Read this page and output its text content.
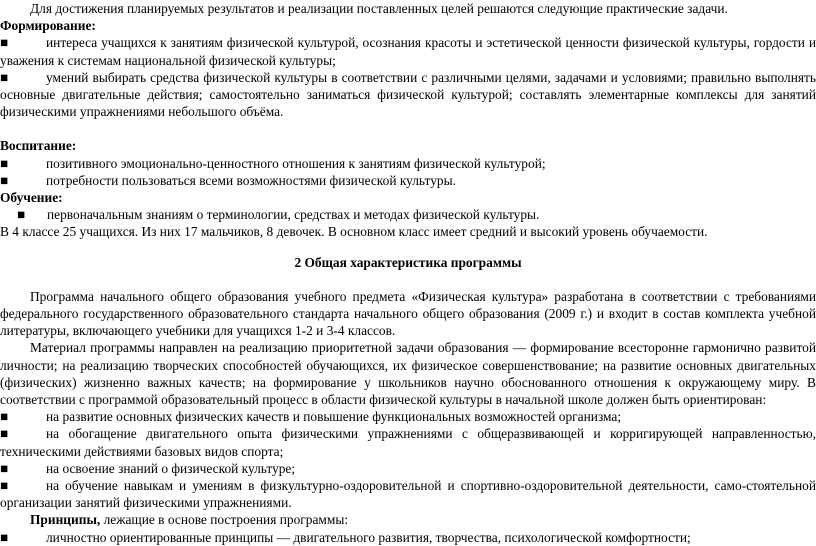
Для достижения планируемых результатов и реализации поставленных целей решаются следующие практические задачи.

Формирование:

■	интереса учащихся к занятиям физической культурой, осознания красоты и эстетической ценности физической культуры, гордости и уважения к системам национальной физической культуры;

■	умений выбирать средства физической культуры в соответствии с различными целями, задачами и условиями; правильно выполнять основные двигательные действия; самостоятельно заниматься физической культурой; составлять элементарные комплексы для занятий физическими упражнениями небольшого объёма.

Воспитание:

■	позитивного эмоционально-ценностного отношения к занятиям физической культурой;

■	потребности пользоваться всеми возможностями физической культуры.

Обучение:

■ первоначальным знаниям о терминологии, средствах и методах физической культуры.

В 4 классе 25 учащихся. Из них 17 мальчиков, 8 девочек. В основном класс имеет средний и высокий уровень обучаемости.

2 Общая характеристика программы

Программа начального общего образования учебного предмета «Физическая культура» разработана в соответствии с требованиями федерального государственного образовательного стандарта начального общего образования (2009 г.) и входит в состав комплекта учебной литературы, включающего учебники для учащихся 1-2 и 3-4 классов.

Материал программы направлен на реализацию приоритетной задачи образования — формирование всесторонне гармонично развитой личности; на реализацию творческих способностей обучающихся, их физическое совершенствование; на развитие основных двигательных (физических) жизненно важных качеств; на формирование у школьников научно обоснованного отношения к окружающему миру. В соответствии с программой образовательный процесс в области физической культуры в начальной школе должен быть ориентирован:

■	на развитие основных физических качеств и повышение функциональных возможностей организма;

■	на обогащение двигательного опыта физическими упражнениями с общеразвивающей и корригирующей направленностью, техническими действиями базовых видов спорта;

■	на освоение знаний о физической культуре;

■	на обучение навыкам и умениям в физкультурно-оздоровительной и спортивно-оздоровительной деятельности, само-стоятельной организации занятий физическими упражнениями.

Принципы, лежащие в основе построения программы:

■	личностно ориентированные принципы — двигательного развития, творчества, психологической комфортности;
